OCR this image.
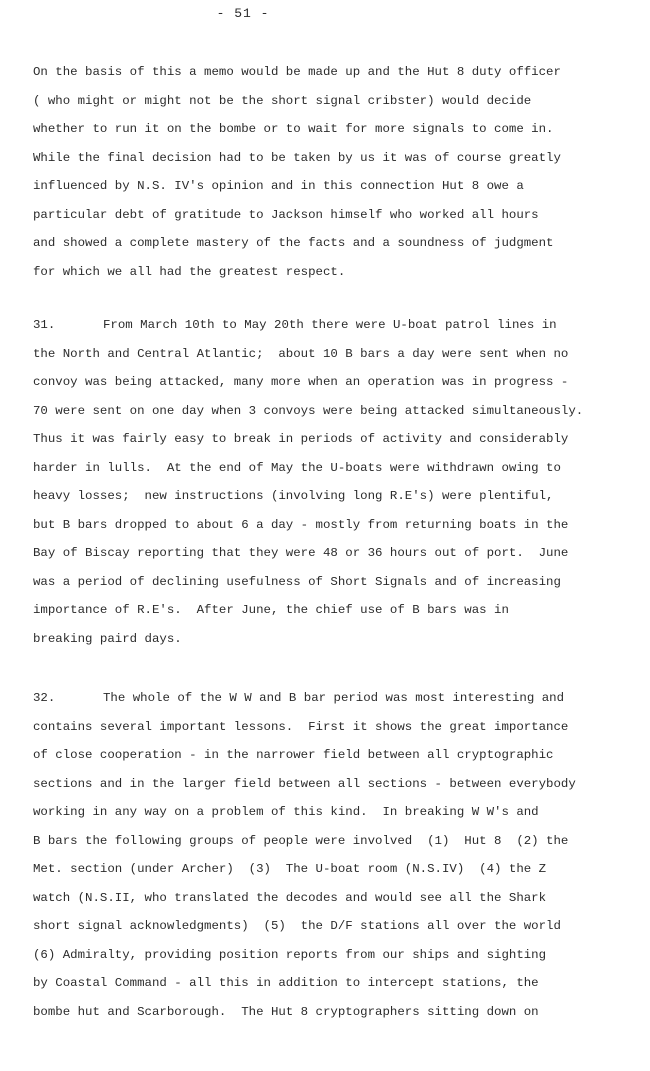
- 51 -
On the basis of this a memo would be made up and the Hut 8 duty officer
( who might or might not be the short signal cribster) would decide
whether to run it on the bombe or to wait for more signals to come in.
While the final decision had to be taken by us it was of course greatly
influenced by N.S. IV's opinion and in this connection Hut 8 owe a
particular debt of gratitude to Jackson himself who worked all hours
and showed a complete mastery of the facts and a soundness of judgment
for which we all had the greatest respect.
31.	From March 10th to May 20th there were U-boat patrol lines in
the North and Central Atlantic;  about 10 B bars a day were sent when no
convoy was being attacked, many more when an operation was in progress -
70 were sent on one day when 3 convoys were being attacked simultaneously.
Thus it was fairly easy to break in periods of activity and considerably
harder in lulls.  At the end of May the U-boats were withdrawn owing to
heavy losses;  new instructions (involving long R.E's) were plentiful,
but B bars dropped to about 6 a day - mostly from returning boats in the
Bay of Biscay reporting that they were 48 or 36 hours out of port.  June
was a period of declining usefulness of Short Signals and of increasing
importance of R.E's.  After June, the chief use of B bars was in
breaking paird days.
32.	The whole of the W W and B bar period was most interesting and
contains several important lessons.  First it shows the great importance
of close cooperation - in the narrower field between all cryptographic
sections and in the larger field between all sections - between everybody
working in any way on a problem of this kind.  In breaking W W's and
B bars the following groups of people were involved  (1)  Hut 8  (2) the
Met. section (under Archer)  (3)  The U-boat room (N.S.IV)  (4) the Z
watch (N.S.II, who translated the decodes and would see all the Shark
short signal acknowledgments)  (5)  the D/F stations all over the world
(6) Admiralty, providing position reports from our ships and sighting
by Coastal Command - all this in addition to intercept stations, the
bombe hut and Scarborough.  The Hut 8 cryptographers sitting down on
